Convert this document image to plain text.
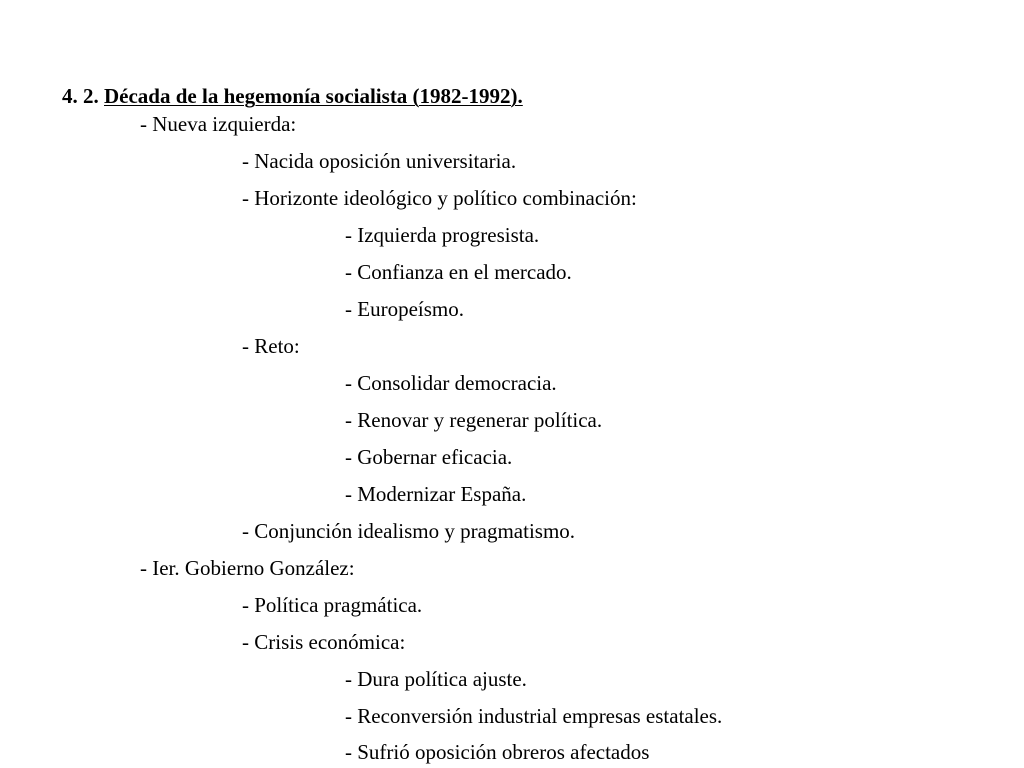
4. 2. Década de la hegemonía socialista (1982-1992).
- Nueva izquierda:
- Nacida oposición universitaria.
- Horizonte ideológico y político combinación:
- Izquierda progresista.
- Confianza en el mercado.
- Europeísmo.
- Reto:
- Consolidar democracia.
- Renovar y regenerar política.
- Gobernar eficacia.
- Modernizar España.
- Conjunción idealismo y pragmatismo.
- Ier. Gobierno González:
- Política pragmática.
- Crisis económica:
- Dura política ajuste.
- Reconversión industrial empresas estatales.
- Sufrió oposición obreros afectados
